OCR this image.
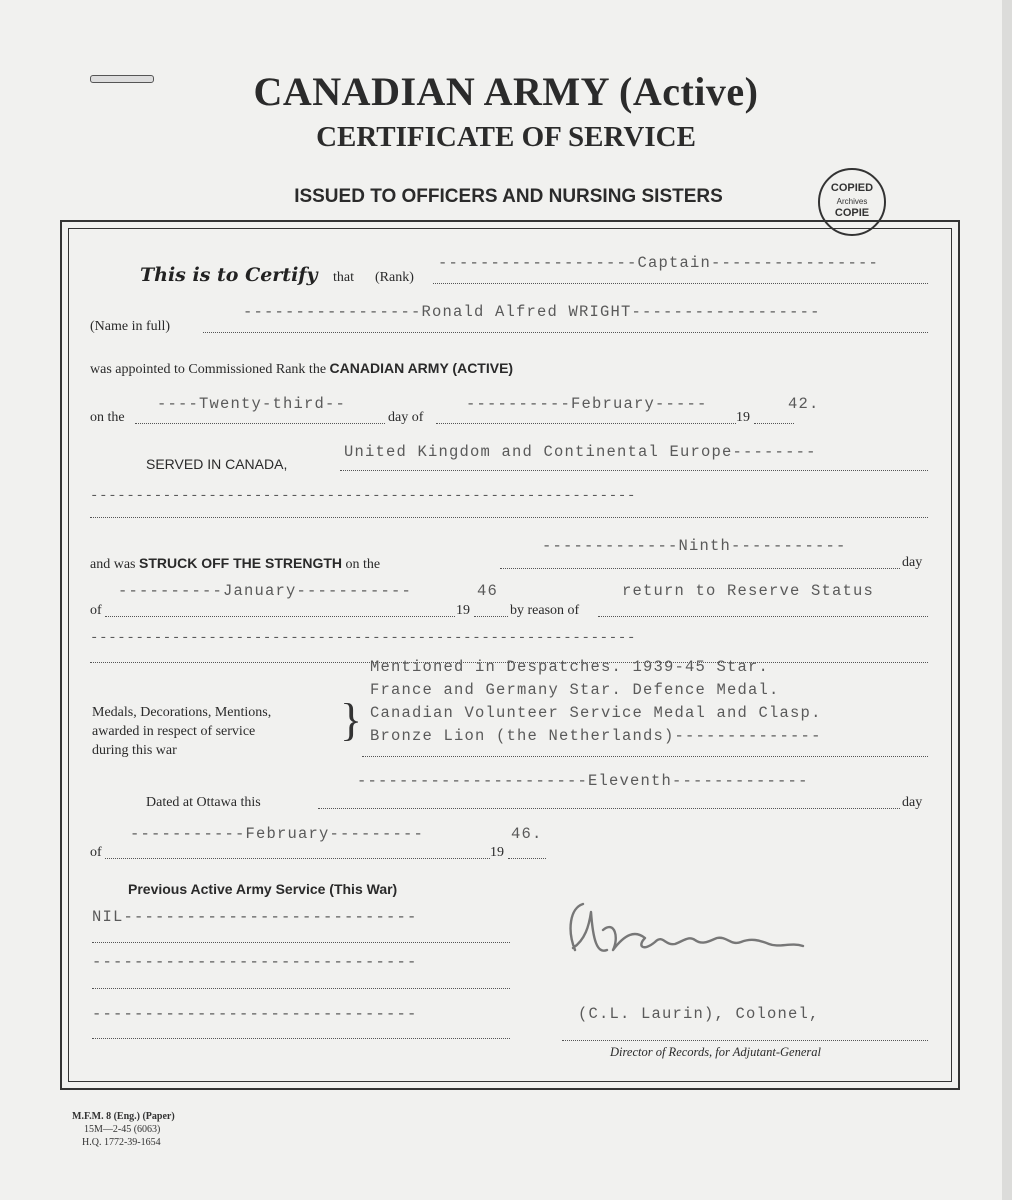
CANADIAN ARMY (Active)
CERTIFICATE OF SERVICE
ISSUED TO OFFICERS AND NURSING SISTERS	COPIED
Archives
COPIE
This is to Certify that (Rank)
-------------------Captain----------------
(Name in full)
-----------------Ronald Alfred WRIGHT------------------
was appointed to Commissioned Rank the CANADIAN ARMY (ACTIVE)
on the
----Twenty-third--
day of
----------February-----
19
42.
SERVED IN CANADA,
United Kingdom and Continental Europe--------
------------------------------------------------------------
and was STRUCK OFF THE STRENGTH on the
-------------Ninth-----------
day
of
----------January-----------	46
19	by reason of
return to Reserve Status
------------------------------------------------------------
Mentioned in Despatches. 1939-45 Star.
France and Germany Star. Defence Medal.
Canadian Volunteer Service Medal and Clasp.
Bronze Lion (the Netherlands)--------------
Medals, Decorations, Mentions,
awarded in respect of service
during this war
}
----------------------Eleventh-------------
Dated at Ottawa this	day
-----------February---------	46.
of	19
Previous Active Army Service (This War)
NIL----------------------------
-------------------------------
-------------------------------	(C.L. Laurin), Colonel,
Director of Records, for Adjutant-General
M.F.M. 8 (Eng.) (Paper)
15M—2-45 (6063)
H.Q. 1772-39-1654
